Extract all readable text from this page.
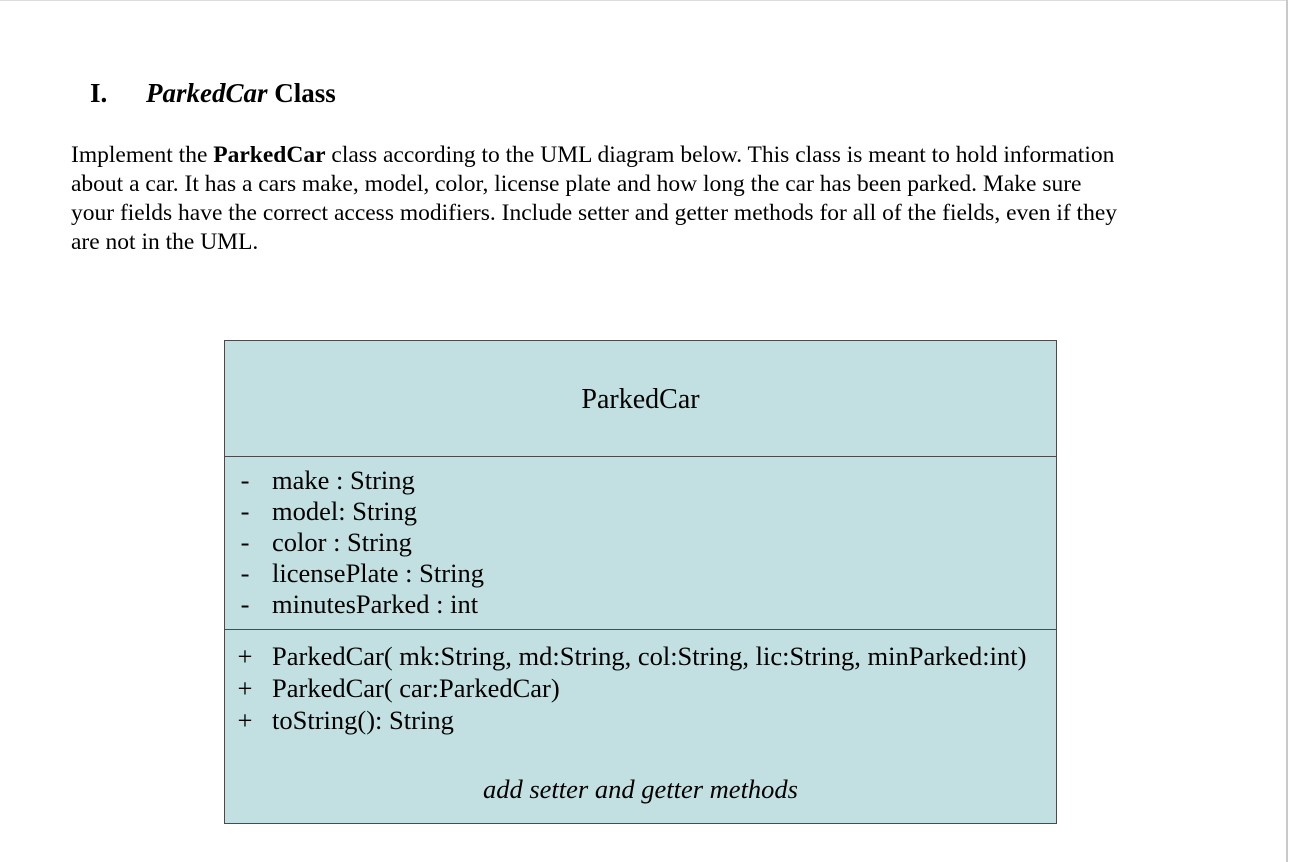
I. ParkedCar Class
Implement the ParkedCar class according to the UML diagram below. This class is meant to hold information
about a car. It has a cars make, model, color, license plate and how long the car has been parked. Make sure
your fields have the correct access modifiers. Include setter and getter methods for all of the fields, even if they
are not in the UML.
ParkedCar
- make : String
- model: String
- color : String
- licensePlate : String
- minutesParked : int
+ ParkedCar( mk:String, md:String, col:String, lic:String, minParked:int)
+ ParkedCar( car:ParkedCar)
+ toString(): String
add setter and getter methods
